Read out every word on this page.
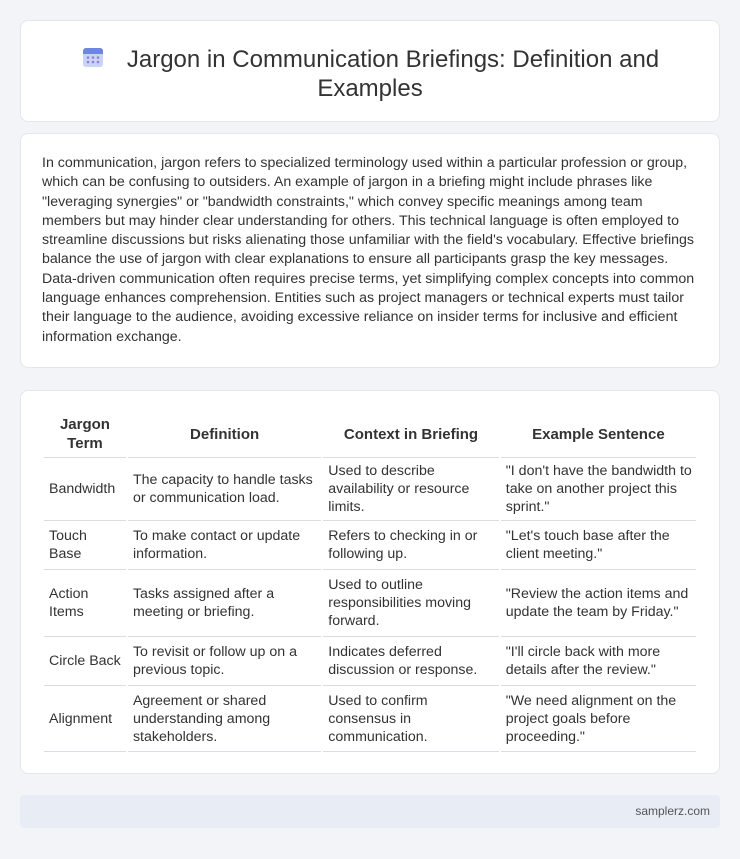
Jargon in Communication Briefings: Definition and
Examples

In communication, jargon refers to specialized terminology used within a particular profession or group, which can be confusing to outsiders. An example of jargon in a briefing might include phrases like "leveraging synergies" or "bandwidth constraints," which convey specific meanings among team members but may hinder clear understanding for others. This technical language is often employed to streamline discussions but risks alienating those unfamiliar with the field's vocabulary. Effective briefings balance the use of jargon with clear explanations to ensure all participants grasp the key messages. Data-driven communication often requires precise terms, yet simplifying complex concepts into common language enhances comprehension. Entities such as project managers or technical experts must tailor their language to the audience, avoiding excessive reliance on insider terms for inclusive and efficient information exchange.

Jargon Term	Definition	Context in Briefing	Example Sentence
Bandwidth	The capacity to handle tasks or communication load.	Used to describe availability or resource limits.	"I don't have the bandwidth to take on another project this sprint."
Touch Base	To make contact or update information.	Refers to checking in or following up.	"Let's touch base after the client meeting."
Action Items	Tasks assigned after a meeting or briefing.	Used to outline responsibilities moving forward.	"Review the action items and update the team by Friday."
Circle Back	To revisit or follow up on a previous topic.	Indicates deferred discussion or response.	"I'll circle back with more details after the review."
Alignment	Agreement or shared understanding among stakeholders.	Used to confirm consensus in communication.	"We need alignment on the project goals before proceeding."
samplerz.com
